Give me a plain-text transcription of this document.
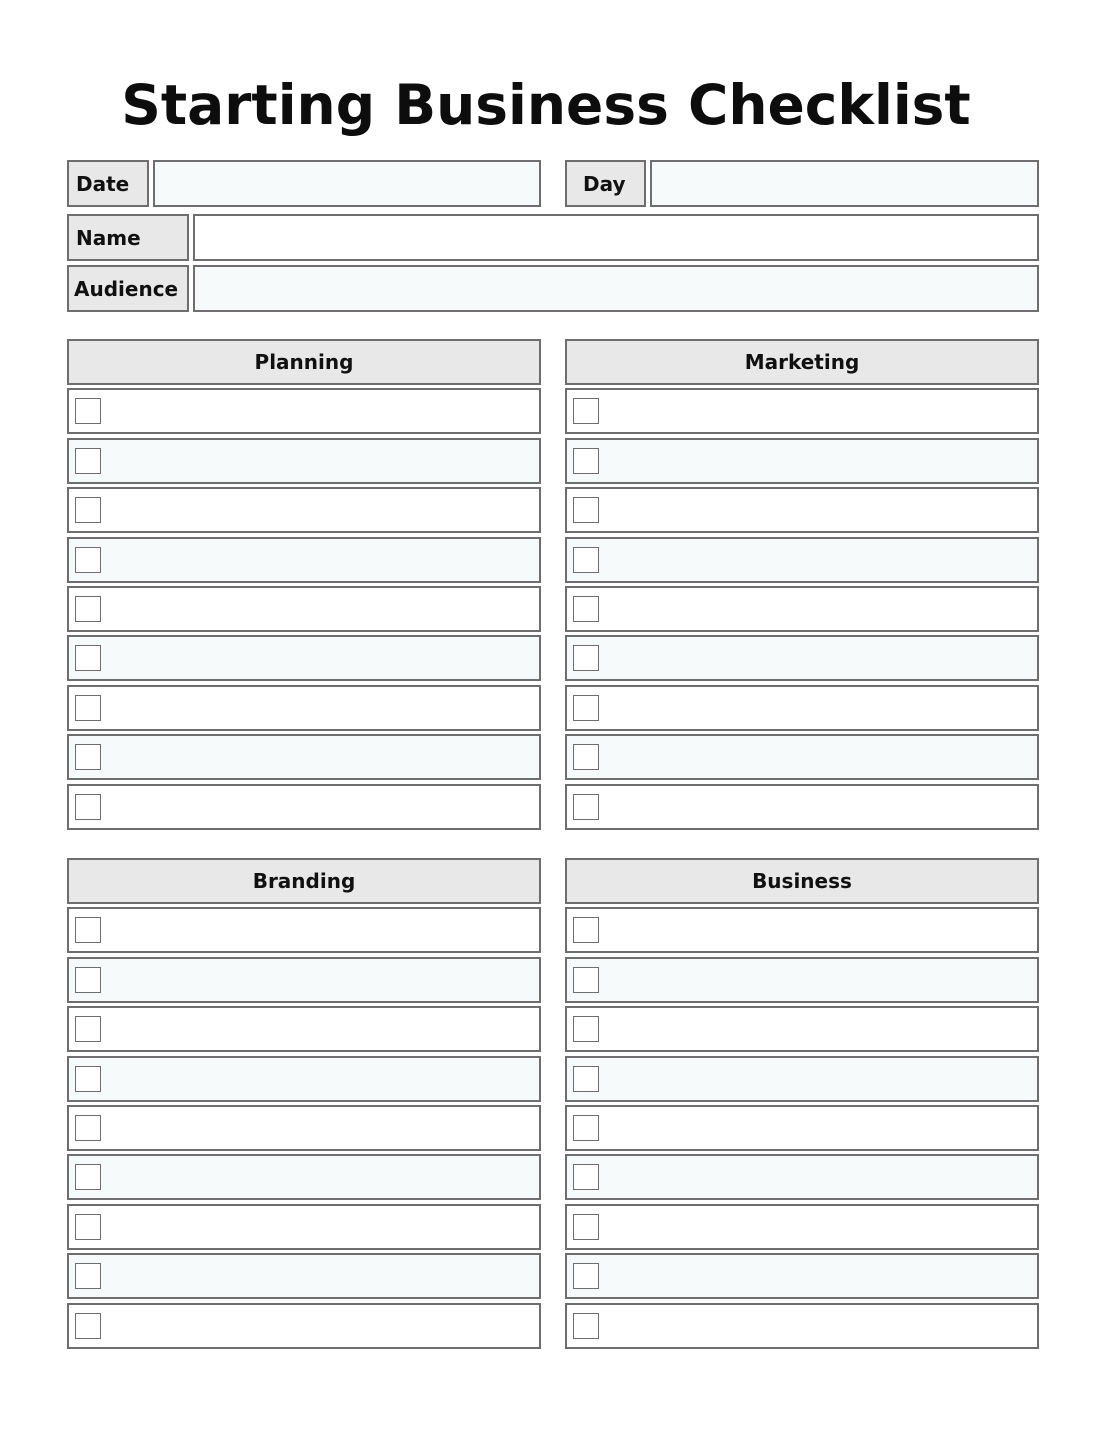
Starting Business Checklist
Date	Day
Name
Audience
Planning	Marketing
Branding	Business
